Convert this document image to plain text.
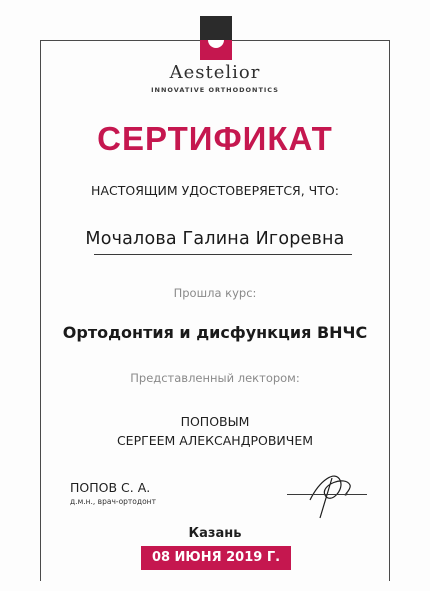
Aestelior
INNOVATIVE ORTHODONTICS
СЕРТИФИКАТ
НАСТОЯЩИМ УДОСТОВЕРЯЕТСЯ, ЧТО:
Мочалова Галина Игоревна
Прошла курс:
Ортодонтия и дисфункция ВНЧС
Представленный лектором:
ПОПОВЫМ
СЕРГЕЕМ АЛЕКСАНДРОВИЧЕМ
ПОПОВ С. А.
д.м.н., врач-ортодонт
Казань
08 ИЮНЯ 2019 Г.
